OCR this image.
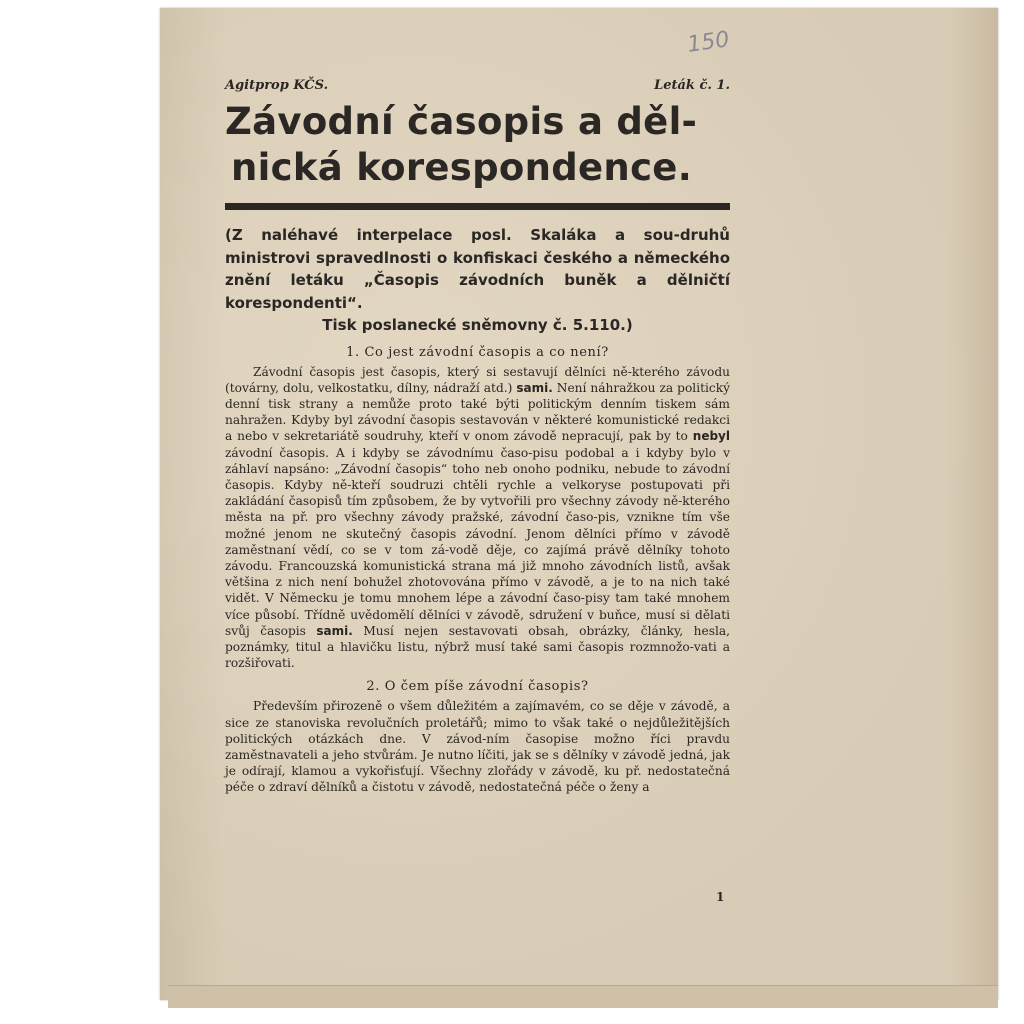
150
Agitprop KČS.	Leták č. 1.
Závodní časopis a děl-
nická korespondence.

(Z naléhavé interpelace posl. Skaláka a sou-druhů ministrovi spravedlnosti o konfiskaci českého a německého znění letáku „Časopis závodních buněk a dělničtí korespondenti“.
Tisk poslanecké sněmovny č. 5.110.)

1. Co jest závodní časopis a co není?

Závodní časopis jest časopis, který si sestavují dělníci ně-kterého závodu (továrny, dolu, velkostatku, dílny, nádraží atd.) sami. Není náhražkou za politický denní tisk strany a nemůže proto také býti politickým denním tiskem sám nahražen. Kdyby byl závodní časopis sestavován v některé komunistické redakci a nebo v sekretariátě soudruhy, kteří v onom závodě nepracují, pak by to nebyl závodní časopis. A i kdyby se závodnímu časo-pisu podobal a i kdyby bylo v záhlaví napsáno: „Závodní časopis“ toho neb onoho podniku, nebude to závodní časopis. Kdyby ně-kteří soudruzi chtěli rychle a velkoryse postupovati při zakládání časopisů tím způsobem, že by vytvořili pro všechny závody ně-kterého města na př. pro všechny závody pražské, závodní časo-pis, vznikne tím vše možné jenom ne skutečný časopis závodní. Jenom dělníci přímo v závodě zaměstnaní vědí, co se v tom zá-vodě děje, co zajímá právě dělníky tohoto závodu. Francouzská komunistická strana má již mnoho závodních listů, avšak většina z nich není bohužel zhotovována přímo v závodě, a je to na nich také vidět. V Německu je tomu mnohem lépe a závodní časo-pisy tam také mnohem více působí. Třídně uvědomělí dělníci v závodě, sdružení v buňce, musí si dělati svůj časopis sami. Musí nejen sestavovati obsah, obrázky, články, hesla, poznámky, titul a hlavičku listu, nýbrž musí také sami časopis rozmnožo-vati a rozšiřovati.

2. O čem píše závodní časopis?

Především přirozeně o všem důležitém a zajímavém, co se děje v závodě, a sice ze stanoviska revolučních proletářů; mimo to však také o nejdůležitějších politických otázkách dne. V závod-ním časopise možno říci pravdu zaměstnavateli a jeho stvůrám. Je nutno líčiti, jak se s dělníky v závodě jedná, jak je odírají, klamou a vykořisťují. Všechny zlořády v závodě, ku př. nedostatečná péče o zdraví dělníků a čistotu v závodě, nedostatečná péče o ženy a

1
